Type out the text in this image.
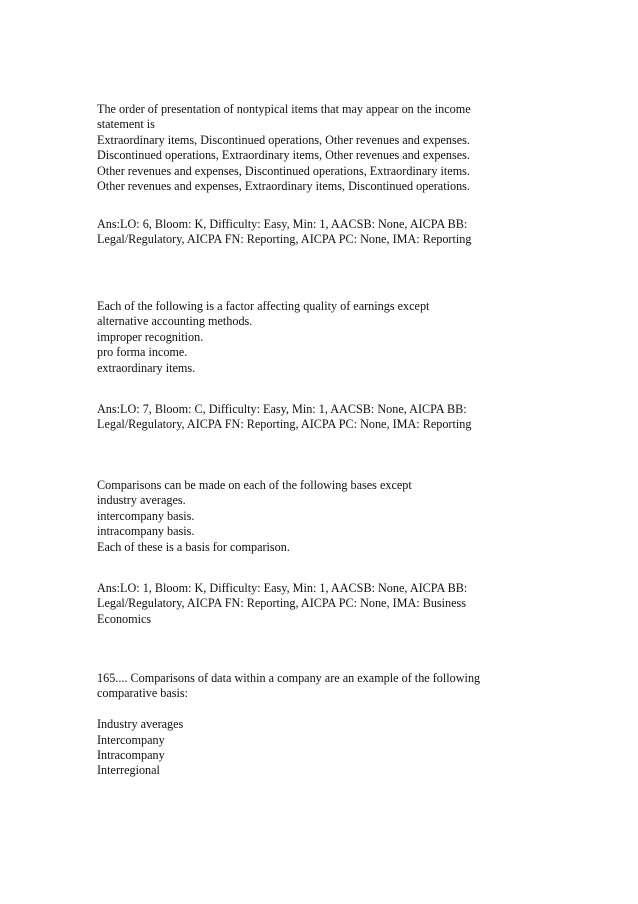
The order of presentation of nontypical items that may appear on the income
statement is
Extraordinary items, Discontinued operations, Other revenues and expenses.
Discontinued operations, Extraordinary items, Other revenues and expenses.
Other revenues and expenses, Discontinued operations, Extraordinary items.
Other revenues and expenses, Extraordinary items, Discontinued operations.
Ans:LO: 6, Bloom: K, Difficulty: Easy, Min: 1, AACSB: None, AICPA BB:
Legal/Regulatory, AICPA FN: Reporting, AICPA PC: None, IMA: Reporting
Each of the following is a factor affecting quality of earnings except
alternative accounting methods.
improper recognition.
pro forma income.
extraordinary items.
Ans:LO: 7, Bloom: C, Difficulty: Easy, Min: 1, AACSB: None, AICPA BB:
Legal/Regulatory, AICPA FN: Reporting, AICPA PC: None, IMA: Reporting
Comparisons can be made on each of the following bases except
industry averages.
intercompany basis.
intracompany basis.
Each of these is a basis for comparison.
Ans:LO: 1, Bloom: K, Difficulty: Easy, Min: 1, AACSB: None, AICPA BB:
Legal/Regulatory, AICPA FN: Reporting, AICPA PC: None, IMA: Business
Economics
165.... Comparisons of data within a company are an example of the following
comparative basis:
Industry averages
Intercompany
Intracompany
Interregional
